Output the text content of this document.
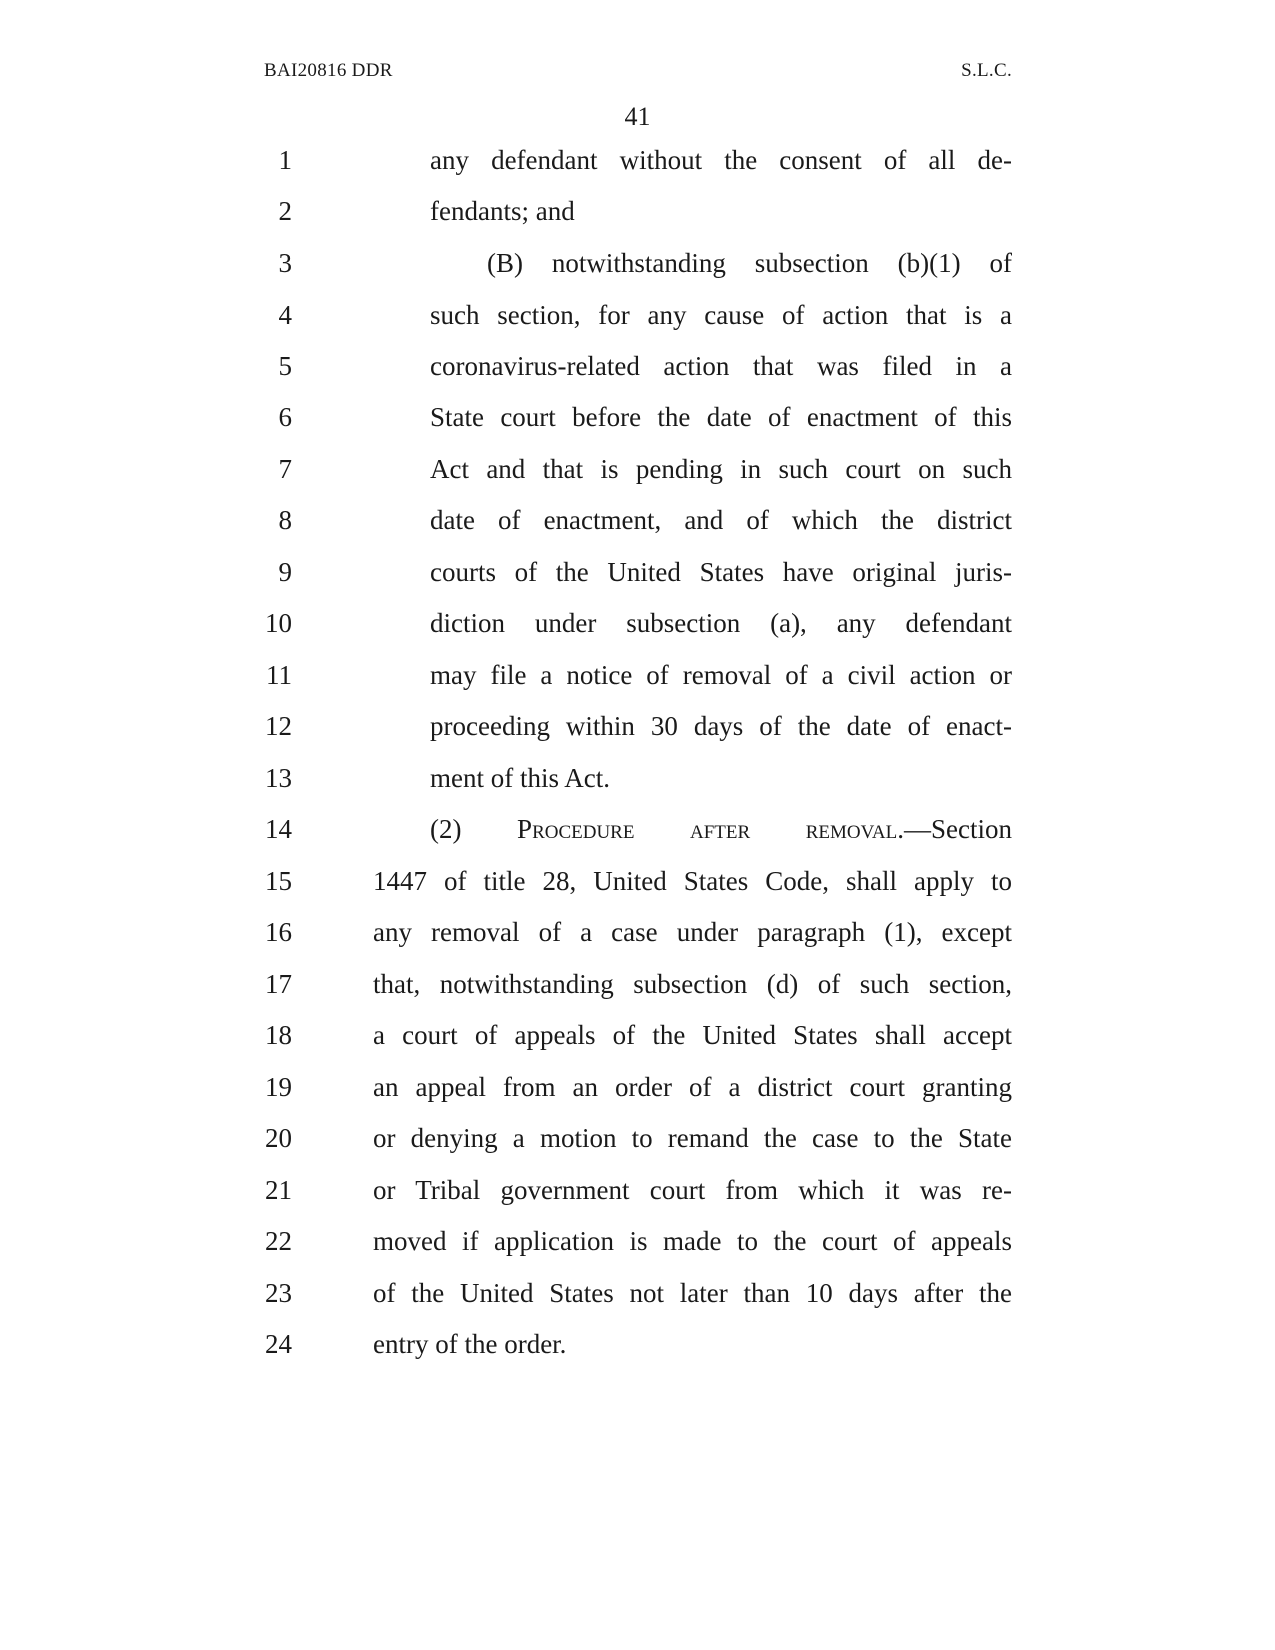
BAI20816 DDR	S.L.C.
41
1	any defendant without the consent of all de-
2	fendants; and
3	(B) notwithstanding subsection (b)(1) of
4	such section, for any cause of action that is a
5	coronavirus-related action that was filed in a
6	State court before the date of enactment of this
7	Act and that is pending in such court on such
8	date of enactment, and of which the district
9	courts of the United States have original juris-
10	diction under subsection (a), any defendant
11	may file a notice of removal of a civil action or
12	proceeding within 30 days of the date of enact-
13	ment of this Act.
14	(2) Procedure after removal.—Section
15	1447 of title 28, United States Code, shall apply to
16	any removal of a case under paragraph (1), except
17	that, notwithstanding subsection (d) of such section,
18	a court of appeals of the United States shall accept
19	an appeal from an order of a district court granting
20	or denying a motion to remand the case to the State
21	or Tribal government court from which it was re-
22	moved if application is made to the court of appeals
23	of the United States not later than 10 days after the
24	entry of the order.
